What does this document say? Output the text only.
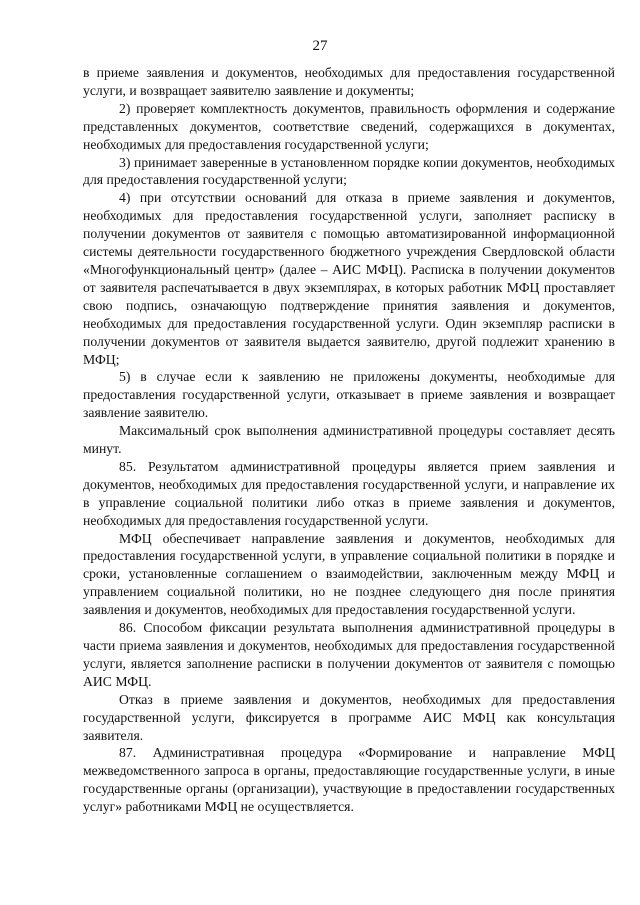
27

в приеме заявления и документов, необходимых для предоставления государственной услуги, и возвращает заявителю заявление и документы;

2) проверяет комплектность документов, правильность оформления и содержание представленных документов, соответствие сведений, содержащихся в документах, необходимых для предоставления государственной услуги;

3) принимает заверенные в установленном порядке копии документов, необходимых для предоставления государственной услуги;

4) при отсутствии оснований для отказа в приеме заявления и документов, необходимых для предоставления государственной услуги, заполняет расписку в получении документов от заявителя с помощью автоматизированной информационной системы деятельности государственного бюджетного учреждения Свердловской области «Многофункциональный центр» (далее – АИС МФЦ). Расписка в получении документов от заявителя распечатывается в двух экземплярах, в которых работник МФЦ проставляет свою подпись, означающую подтверждение принятия заявления и документов, необходимых для предоставления государственной услуги. Один экземпляр расписки в получении документов от заявителя выдается заявителю, другой подлежит хранению в МФЦ;

5) в случае если к заявлению не приложены документы, необходимые для предоставления государственной услуги, отказывает в приеме заявления и возвращает заявление заявителю.

Максимальный срок выполнения административной процедуры составляет десять минут.

85. Результатом административной процедуры является прием заявления и документов, необходимых для предоставления государственной услуги, и направление их в управление социальной политики либо отказ в приеме заявления и документов, необходимых для предоставления государственной услуги.

МФЦ обеспечивает направление заявления и документов, необходимых для предоставления государственной услуги, в управление социальной политики в порядке и сроки, установленные соглашением о взаимодействии, заключенным между МФЦ и управлением социальной политики, но не позднее следующего дня после принятия заявления и документов, необходимых для предоставления государственной услуги.

86. Способом фиксации результата выполнения административной процедуры в части приема заявления и документов, необходимых для предоставления государственной услуги, является заполнение расписки в получении документов от заявителя с помощью АИС МФЦ.

Отказ в приеме заявления и документов, необходимых для предоставления государственной услуги, фиксируется в программе АИС МФЦ как консультация заявителя.

87. Административная процедура «Формирование и направление МФЦ межведомственного запроса в органы, предоставляющие государственные услуги, в иные государственные органы (организации), участвующие в предоставлении государственных услуг» работниками МФЦ не осуществляется.
